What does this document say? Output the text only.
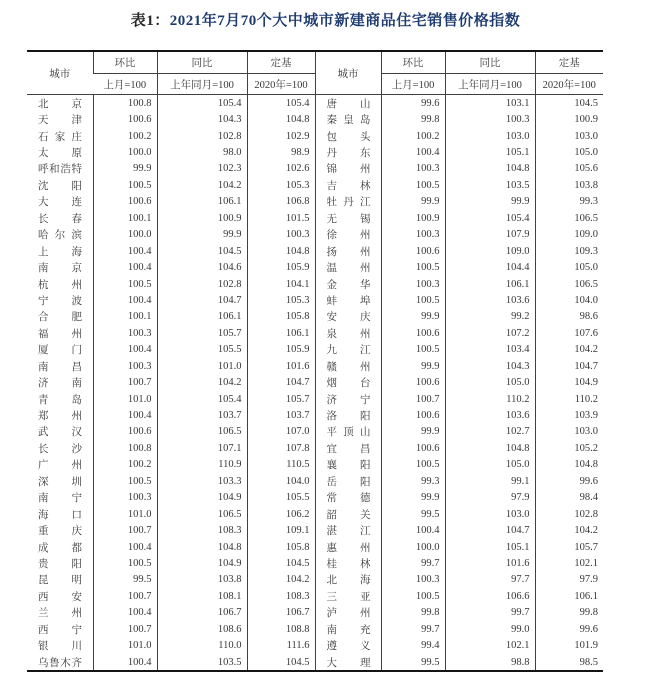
表1：2021年7月70个大中城市新建商品住宅销售价格指数
城市	环比	同比	定基	城市	环比	同比	定基
	上月=100	上年同月=100	2020年=100		上月=100	上年同月=100	2020年=100
北京	100.8	105.4	105.4	唐山	99.6	103.1	104.5
天津	100.6	104.3	104.8	秦皇岛	99.8	100.3	100.9
石家庄	100.2	102.8	102.9	包头	100.2	103.0	103.0
太原	100.0	98.0	98.9	丹东	100.4	105.1	105.0
呼和浩特	99.9	102.3	102.6	锦州	100.3	104.8	105.6
沈阳	100.5	104.2	105.3	吉林	100.5	103.5	103.8
大连	100.6	106.1	106.8	牡丹江	99.9	99.9	99.3
长春	100.1	100.9	101.5	无锡	100.9	105.4	106.5
哈尔滨	100.0	99.9	100.3	徐州	100.3	107.9	109.0
上海	100.4	104.5	104.8	扬州	100.6	109.0	109.3
南京	100.4	104.6	105.9	温州	100.5	104.4	105.0
杭州	100.5	102.8	104.1	金华	100.3	106.1	106.5
宁波	100.4	104.7	105.3	蚌埠	100.5	103.6	104.0
合肥	100.1	106.1	105.8	安庆	99.9	99.2	98.6
福州	100.3	105.7	106.1	泉州	100.6	107.2	107.6
厦门	100.4	105.5	105.9	九江	100.5	103.4	104.2
南昌	100.3	101.0	101.6	赣州	99.9	104.3	104.7
济南	100.7	104.2	104.7	烟台	100.6	105.0	104.9
青岛	101.0	105.4	105.7	济宁	100.7	110.2	110.2
郑州	100.4	103.7	103.7	洛阳	100.6	103.6	103.9
武汉	100.6	106.5	107.0	平顶山	99.9	102.7	103.0
长沙	100.8	107.1	107.8	宜昌	100.6	104.8	105.2
广州	100.2	110.9	110.5	襄阳	100.5	105.0	104.8
深圳	100.5	103.3	104.0	岳阳	99.3	99.1	99.6
南宁	100.3	104.9	105.5	常德	99.9	97.9	98.4
海口	101.0	106.5	106.2	韶关	99.5	103.0	102.8
重庆	100.7	108.3	109.1	湛江	100.4	104.7	104.2
成都	100.4	104.8	105.8	惠州	100.0	105.1	105.7
贵阳	100.5	104.9	104.5	桂林	99.7	101.6	102.1
昆明	99.5	103.8	104.2	北海	100.3	97.7	97.9
西安	100.7	108.1	108.3	三亚	100.5	106.6	106.1
兰州	100.4	106.7	106.7	泸州	99.8	99.7	99.8
西宁	100.7	108.6	108.8	南充	99.7	99.0	99.6
银川	101.0	110.0	111.6	遵义	99.4	102.1	101.9
乌鲁木齐	100.4	103.5	104.5	大理	99.5	98.8	98.5
